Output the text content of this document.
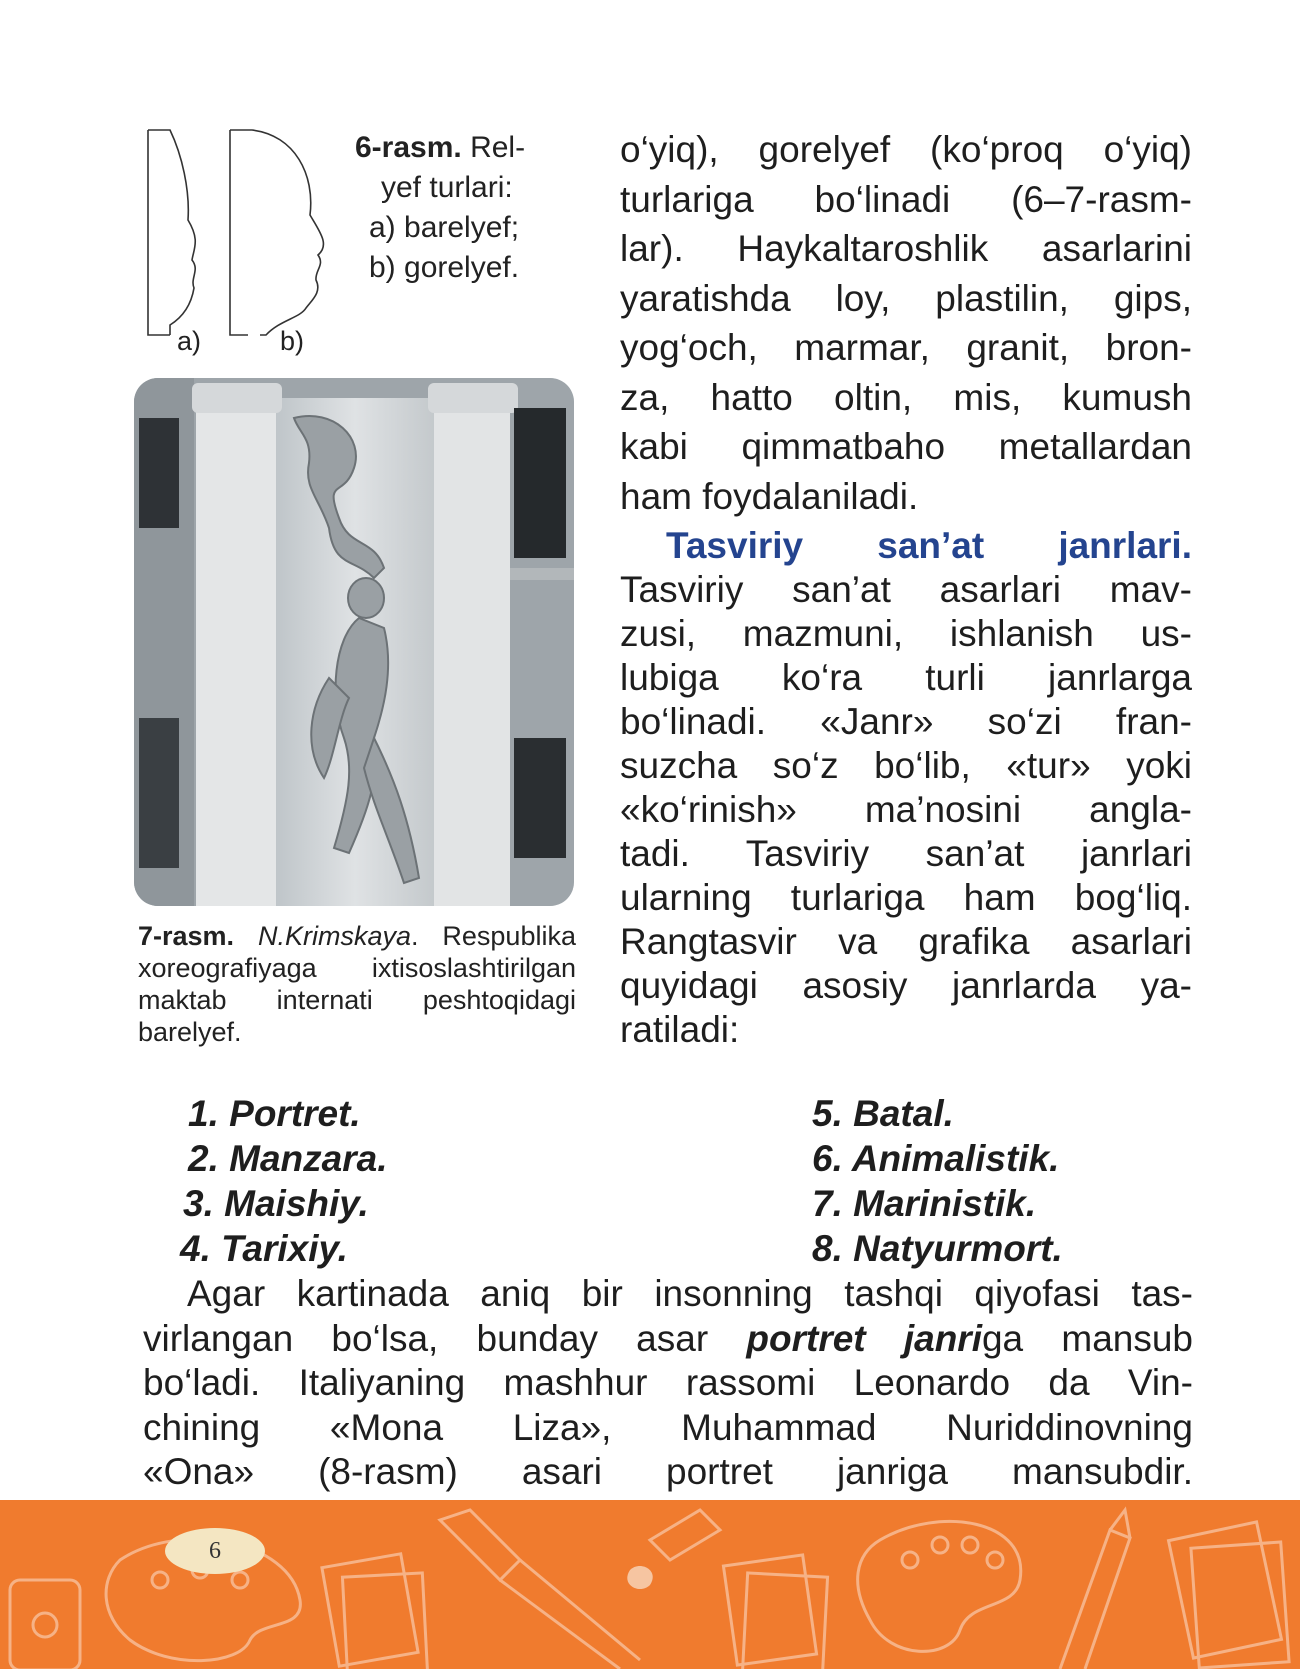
a)	b)
6-rasm. Rel-
yef turlari:
a) barelyef;
b) gorelyef.
7-rasm. N.Krimskaya. Respublika xoreografiyaga ixtisoslashtirilgan maktab internati peshtoqidagi barelyef.
o‘yiq), gorelyef (ko‘proq o‘yiq)
turlariga bo‘linadi (6–7-rasm-
lar). Haykaltaroshlik asarlarini
yaratishda loy, plastilin, gips,
yog‘och, marmar, granit, bron-
za, hatto oltin, mis, kumush
kabi qimmatbaho metallardan
ham foydalaniladi.
Tasviriy san’at janrlari.
Tasviriy san’at asarlari mav-
zusi, mazmuni, ishlanish us-
lubiga ko‘ra turli janrlarga
bo‘linadi. «Janr» so‘zi fran-
suzcha so‘z bo‘lib, «tur» yoki
«ko‘rinish» ma’nosini angla-
tadi. Tasviriy san’at janrlari
ularning turlariga ham bog‘liq.
Rangtasvir va grafika asarlari
quyidagi asosiy janrlarda ya-
ratiladi:
1. Portret.
2. Manzara.
3. Maishiy.
4. Tarixiy.
5. Batal.
6. Animalistik.
7. Marinistik.
8. Natyurmort.
Agar kartinada aniq bir insonning tashqi qiyofasi tas-
virlangan bo‘lsa, bunday asar portret janriga mansub
bo‘ladi. Italiyaning mashhur rassomi Leonardo da Vin-
chining «Mona Liza», Muhammad Nuriddinovning
«Ona» (8-rasm) asari portret janriga mansubdir.
6
